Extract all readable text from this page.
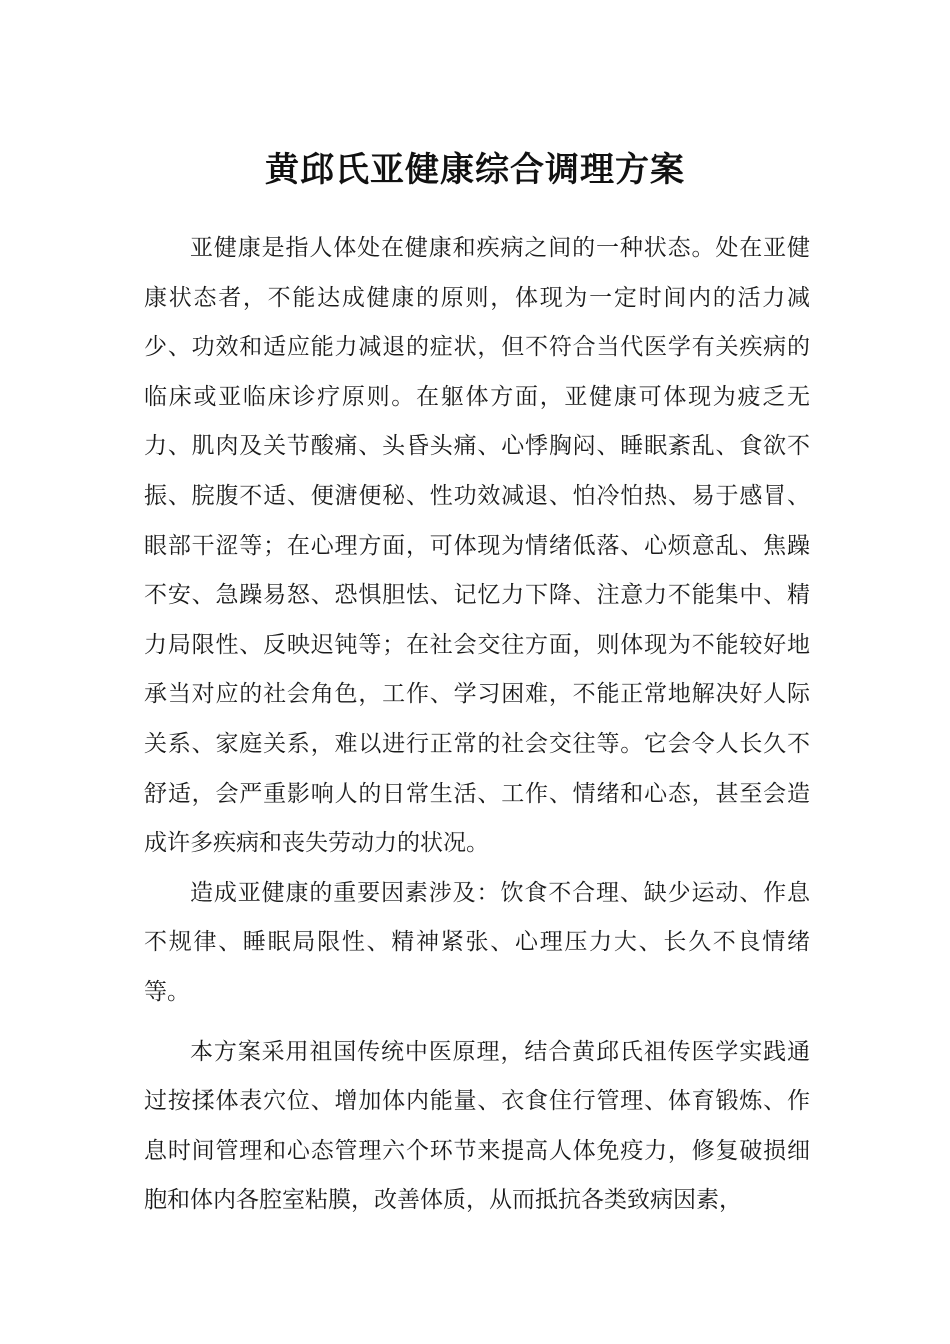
黄邱氏亚健康综合调理方案

亚健康是指人体处在健康和疾病之间的一种状态。处在亚健康状态者，不能达成健康的原则，体现为一定时间内的活力减少、功效和适应能力减退的症状，但不符合当代医学有关疾病的临床或亚临床诊疗原则。在躯体方面，亚健康可体现为疲乏无力、肌肉及关节酸痛、头昏头痛、心悸胸闷、睡眠紊乱、食欲不振、脘腹不适、便溏便秘、性功效减退、怕冷怕热、易于感冒、眼部干涩等；在心理方面，可体现为情绪低落、心烦意乱、焦躁不安、急躁易怒、恐惧胆怯、记忆力下降、注意力不能集中、精力局限性、反映迟钝等；在社会交往方面，则体现为不能较好地承当对应的社会角色，工作、学习困难，不能正常地解决好人际关系、家庭关系，难以进行正常的社会交往等。它会令人长久不舒适，会严重影响人的日常生活、工作、情绪和心态，甚至会造成许多疾病和丧失劳动力的状况。

造成亚健康的重要因素涉及：饮食不合理、缺少运动、作息不规律、睡眠局限性、精神紧张、心理压力大、长久不良情绪等。

本方案采用祖国传统中医原理，结合黄邱氏祖传医学实践通过按揉体表穴位、增加体内能量、衣食住行管理、体育锻炼、作息时间管理和心态管理六个环节来提高人体免疫力，修复破损细胞和体内各腔室粘膜，改善体质，从而抵抗各类致病因素，
